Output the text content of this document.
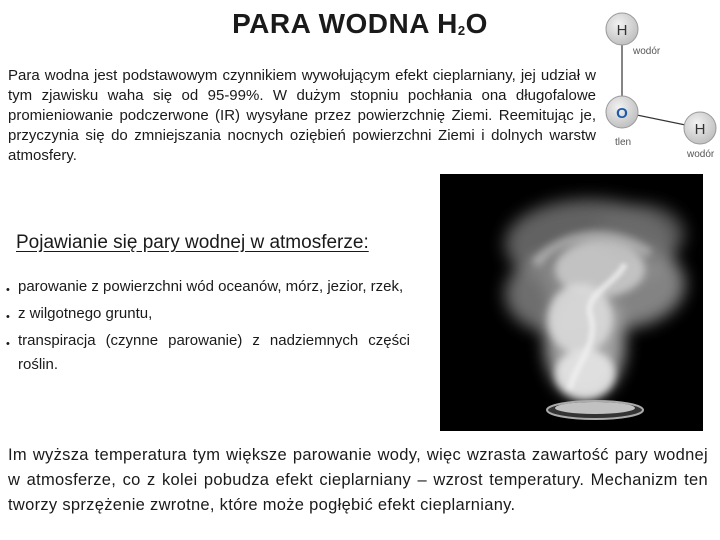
PARA WODNA $H_2O$
Para wodna jest podstawowym czynnikiem wywołującym efekt cieplarniany, jej udział w tym zjawisku waha się od 95-99%. W dużym stopniu pochłania ona długofalowe promieniowanie podczerwone (IR) wysyłane przez powierzchnię Ziemi. Reemitując je, przyczynia się do zmniejszania nocnych oziębień powierzchni Ziemi i dolnych warstw atmosfery.
H
wodór
O
tlen
H
wodór
Pojawianie się pary wodnej w atmosferze:
• parowanie z powierzchni wód oceanów, mórz, jezior, rzek,
• z wilgotnego gruntu,
• transpiracja (czynne parowanie) z nadziemnych części roślin.
Im wyższa temperatura tym większe parowanie wody, więc wzrasta zawartość pary wodnej w atmosferze, co z kolei pobudza efekt cieplarniany – wzrost temperatury. Mechanizm ten tworzy sprzężenie zwrotne, które może pogłębić efekt cieplarniany.
